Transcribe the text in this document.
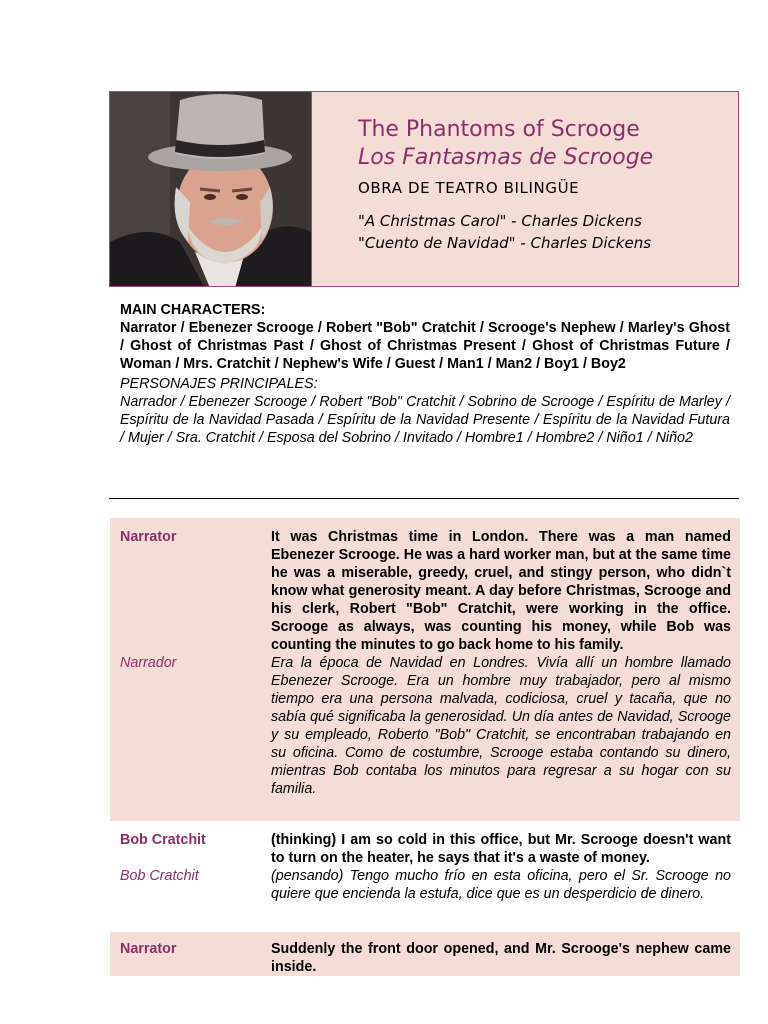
The Phantoms of Scrooge
Los Fantasmas de Scrooge
OBRA DE TEATRO BILINGÜE
"A Christmas Carol" - Charles Dickens
"Cuento de Navidad" - Charles Dickens
MAIN CHARACTERS:
Narrator / Ebenezer Scrooge / Robert "Bob" Cratchit / Scrooge's Nephew / Marley's Ghost / Ghost of Christmas Past / Ghost of Christmas Present / Ghost of Christmas Future / Woman / Mrs. Cratchit / Nephew's Wife / Guest / Man1 / Man2 / Boy1 / Boy2
PERSONAJES PRINCIPALES:
Narrador / Ebenezer Scrooge / Robert "Bob" Cratchit / Sobrino de Scrooge / Espíritu de Marley / Espíritu de la Navidad Pasada / Espíritu de la Navidad Presente / Espíritu de la Navidad Futura / Mujer / Sra. Cratchit / Esposa del Sobrino / Invitado / Hombre1 / Hombre2 / Niño1 / Niño2
Narrator	It was Christmas time in London. There was a man named Ebenezer Scrooge. He was a hard worker man, but at the same time he was a miserable, greedy, cruel, and stingy person, who didn`t know what generosity meant. A day before Christmas, Scrooge and his clerk, Robert "Bob" Cratchit, were working in the office. Scrooge as always, was counting his money, while Bob was counting the minutes to go back home to his family.
Narrador	Era la época de Navidad en Londres. Vivía allí un hombre llamado Ebenezer Scrooge. Era un hombre muy trabajador, pero al mismo tiempo era una persona malvada, codiciosa, cruel y tacaña, que no sabía qué significaba la generosidad. Un día antes de Navidad, Scrooge y su empleado, Roberto "Bob" Cratchit, se encontraban trabajando en su oficina. Como de costumbre, Scrooge estaba contando su dinero, mientras Bob contaba los minutos para regresar a su hogar con su familia.
Bob Cratchit	(thinking) I am so cold in this office, but Mr. Scrooge doesn't want to turn on the heater, he says that it's a waste of money.
Bob Cratchit	(pensando) Tengo mucho frío en esta oficina, pero el Sr. Scrooge no quiere que encienda la estufa, dice que es un desperdicio de dinero.
Narrator	Suddenly the front door opened, and Mr. Scrooge's nephew came inside.
